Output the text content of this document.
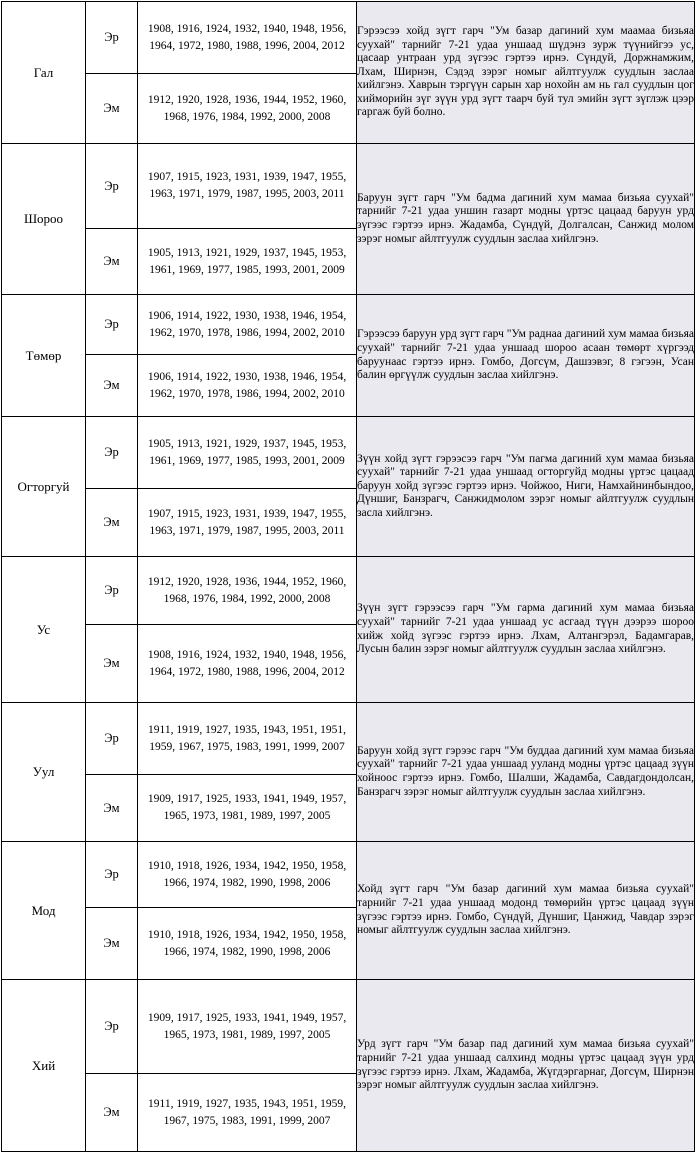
Гал	Эр	1908, 1916, 1924, 1932, 1940, 1948, 1956, 1964, 1972, 1980, 1988, 1996, 2004, 2012	Гэрээсээ хойд зүгт гарч "Ум базар дагиний хум маамаа бизьяа суухай" тарнийг 7-21 удаа уншаад шүдэнз зурж түүнийгээ ус, цасаар унтраан урд зүгээс гэртээ ирнэ. Сүндуй, Доржнамжим, Лхам, Ширнэн, Сэдэд зэрэг номыг айлтгуулж суудлын заслаа хийлгэнэ. Хаврын тэргүүн сарын хар нохойн ам нь гал суудлын цог хийморийн зүг зүүн урд зүгт таарч буй тул эмийн зүгт зүглэж цээр гаргаж буй болно.
	Эм	1912, 1920, 1928, 1936, 1944, 1952, 1960, 1968, 1976, 1984, 1992, 2000, 2008	
Шороо	Эр	1907, 1915, 1923, 1931, 1939, 1947, 1955, 1963, 1971, 1979, 1987, 1995, 2003, 2011	Баруун зүгт гарч "Ум бадма дагиний хум мамаа бизьяа суухай" тарнийг 7-21 удаа уншин газарт модны үртэс цацаад баруун урд зүгээс гэртээ ирнэ. Жадамба, Сүндүй, Долгалсан, Санжид молом зэрэг номыг айлтгуулж суудлын заслаа хийлгэнэ.
	Эм	1905, 1913, 1921, 1929, 1937, 1945, 1953, 1961, 1969, 1977, 1985, 1993, 2001, 2009	
Төмөр	Эр	1906, 1914, 1922, 1930, 1938, 1946, 1954, 1962, 1970, 1978, 1986, 1994, 2002, 2010	Гэрээсээ баруун урд зүгт гарч "Ум раднаа дагиний хум мамаа бизьяа суухай" тарнийг 7-21 удаа уншаад шороо асаан төмөрт хүргээд баруунаас гэртээ ирнэ. Гомбо, Догсүм, Дашзэвэг, 8 гэгээн, Усан балин өргүүлж суудлын заслаа хийлгэнэ.
	Эм	1906, 1914, 1922, 1930, 1938, 1946, 1954, 1962, 1970, 1978, 1986, 1994, 2002, 2010	
Огторгуй	Эр	1905, 1913, 1921, 1929, 1937, 1945, 1953, 1961, 1969, 1977, 1985, 1993, 2001, 2009	Зүүн хойд зүгт гэрээсээ гарч "Ум пагма дагиний хум мамаа бизьяа суухай" тарнийг 7-21 удаа уншаад огторгуйд модны үртэс цацаад баруун хойд зүгээс гэртээ ирнэ. Чойжоо, Ниги, Намхайнинбындоо, Дүншиг, Банзрагч, Санжидмолом зэрэг номыг айлтгуулж суудлын засла хийлгэнэ.
	Эм	1907, 1915, 1923, 1931, 1939, 1947, 1955, 1963, 1971, 1979, 1987, 1995, 2003, 2011	
Ус	Эр	1912, 1920, 1928, 1936, 1944, 1952, 1960, 1968, 1976, 1984, 1992, 2000, 2008	Зүүн зүгт гэрээсээ гарч "Ум гарма дагиний хум мамаа бизьяа суухай" тарнийг 7-21 удаа уншаад ус асгаад түүн дээрээ шороо хийж хойд зүгээс гэртээ ирнэ. Лхам, Алтангэрэл, Бадамгарав, Лусын балин зэрэг номыг айлтгуулж суудлын заслаа хийлгэнэ.
	Эм	1908, 1916, 1924, 1932, 1940, 1948, 1956, 1964, 1972, 1980, 1988, 1996, 2004, 2012	
Уул	Эр	1911, 1919, 1927, 1935, 1943, 1951, 1951, 1959, 1967, 1975, 1983, 1991, 1999, 2007	Баруун хойд зүгт гэрээс гарч "Ум буддаа дагиний хум мамаа бизьяа суухай" тарнийг 7-21 удаа уншаад ууланд модны үртэс цацаад зүүн хойноос гэртээ ирнэ. Гомбо, Шалши, Жадамба, Савдагдондолсан, Банзрагч зэрэг номыг айлтгуулж суудлын заслаа хийлгэнэ.
	Эм	1909, 1917, 1925, 1933, 1941, 1949, 1957, 1965, 1973, 1981, 1989, 1997, 2005	
Мод	Эр	1910, 1918, 1926, 1934, 1942, 1950, 1958, 1966, 1974, 1982, 1990, 1998, 2006	Хойд зүгт гарч "Ум базар дагиний хум мамаа бизьяа суухай" тарнийг 7-21 удаа уншаад модонд төмөрийн үртэс цацаад зүүн зүгээс гэртээ ирнэ. Гомбо, Сүндүй, Дүншиг, Цанжид, Чавдар зэрэг номыг айлтгуулж суудлын заслаа хийлгэнэ.
	Эм	1910, 1918, 1926, 1934, 1942, 1950, 1958, 1966, 1974, 1982, 1990, 1998, 2006	
Хий	Эр	1909, 1917, 1925, 1933, 1941, 1949, 1957, 1965, 1973, 1981, 1989, 1997, 2005	Урд зүгт гарч "Ум базар пад дагиний хум мамаа бизьяа суухай" тарнийг 7-21 удаа уншаад салхинд модны үртэс цацаад зүүн урд зүгээс гэртээ ирнэ. Лхам, Жадамба, Жүгдэргарнаг, Догсүм, Ширнэн зэрэг номыг айлтгуулж суудлын заслаа хийлгэнэ.
	Эм	1911, 1919, 1927, 1935, 1943, 1951, 1959, 1967, 1975, 1983, 1991, 1999, 2007	
